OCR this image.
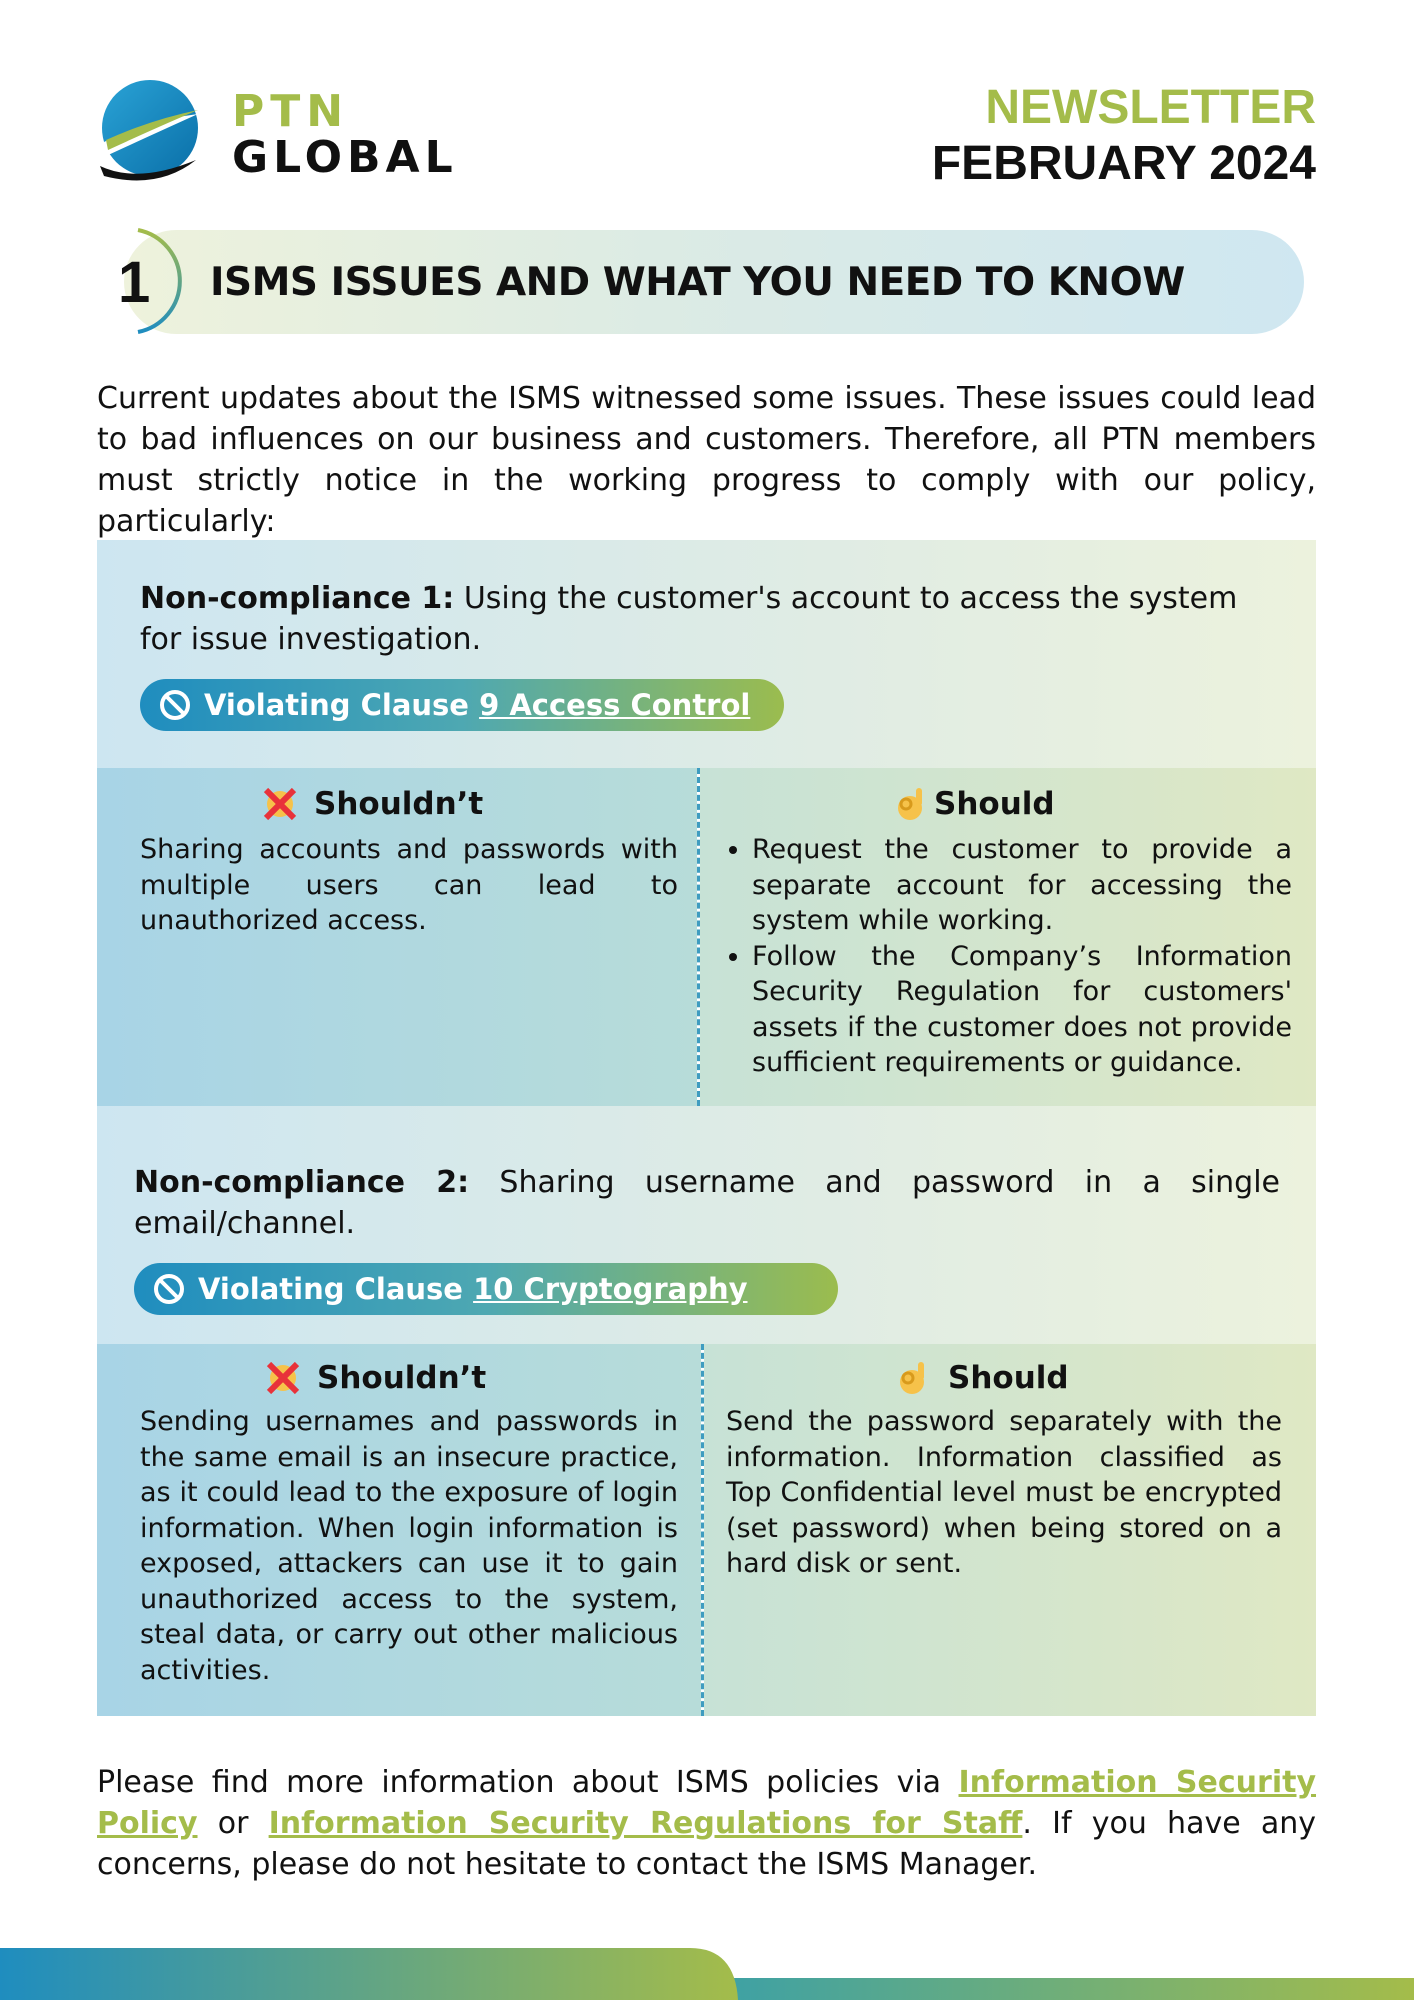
PTN
GLOBAL
NEWSLETTER
FEBRUARY 2024
1 ISMS ISSUES AND WHAT YOU NEED TO KNOW
Current updates about the ISMS witnessed some issues. These issues could lead to bad influences on our business and customers. Therefore, all PTN members must strictly notice in the working progress to comply with our policy, particularly:
Non-compliance 1: Using the customer's account to access the system for issue investigation.
Violating Clause 9 Access Control
Shouldn’t
Sharing accounts and passwords with multiple users can lead to unauthorized access.
Should
• Request the customer to provide a separate account for accessing the system while working.
• Follow the Company’s Information Security Regulation for customers' assets if the customer does not provide sufficient requirements or guidance.
Non-compliance 2: Sharing username and password in a single email/channel.
Violating Clause 10 Cryptography
Shouldn’t
Sending usernames and passwords in the same email is an insecure practice, as it could lead to the exposure of login information. When login information is exposed, attackers can use it to gain unauthorized access to the system, steal data, or carry out other malicious activities.
Should
Send the password separately with the information. Information classified as Top Confidential level must be encrypted (set password) when being stored on a hard disk or sent.
Please find more information about ISMS policies via Information Security Policy or Information Security Regulations for Staff. If you have any concerns, please do not hesitate to contact the ISMS Manager.
